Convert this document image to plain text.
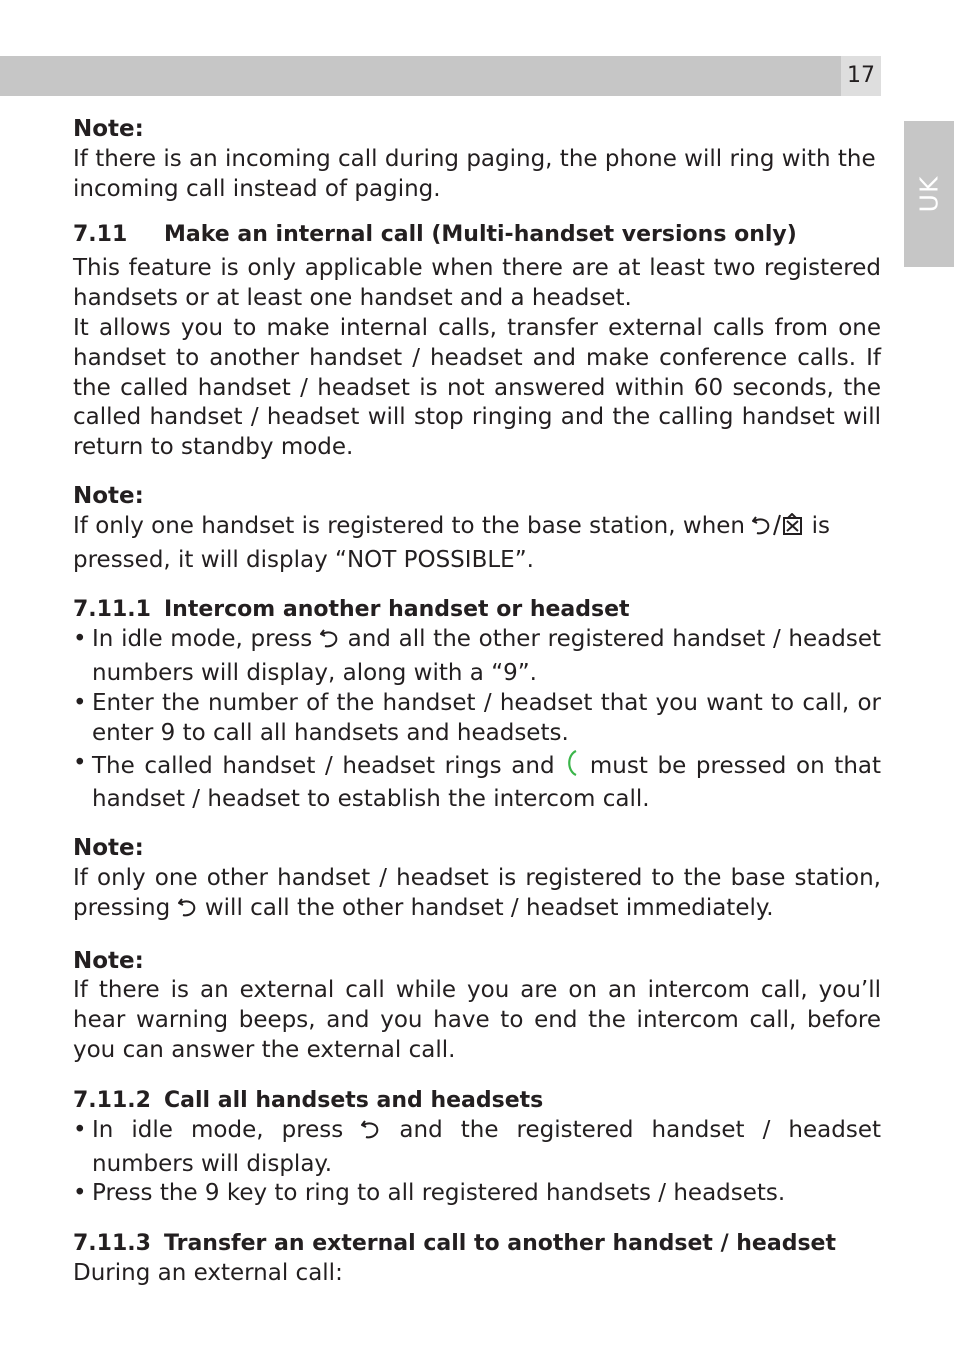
17
UK

Note:

If there is an incoming call during paging, the phone will ring with the incoming call instead of paging.

7.11 Make an internal call (Multi-handset versions only)

This feature is only applicable when there are at least two registered handsets or at least one handset and a headset.

It allows you to make internal calls, transfer external calls from one handset to another handset / headset and make conference calls. If the called handset / headset is not answered within 60 seconds, the called handset / headset will stop ringing and the calling handset will return to standby mode.

Note:

If only one handset is registered to the base station, when  is pressed, it will display “NOT POSSIBLE”.

7.11.1 Intercom another handset or headset
• In idle mode, press  and all the other registered handset / headset numbers will display, along with a “9”.
• Enter the number of the handset / headset that you want to call, or enter 9 to call all handsets and headsets.
• The called handset / headset rings and  must be pressed on that handset / headset to establish the intercom call.

Note:

If only one other handset / headset is registered to the base station, pressing  will call the other handset / headset immediately.

Note:

If there is an external call while you are on an intercom call, you’ll hear warning beeps, and you have to end the intercom call, before you can answer the external call.

7.11.2 Call all handsets and headsets
• In idle mode, press  and the registered handset / headset numbers will display.
• Press the 9 key to ring to all registered handsets / headsets.
7.11.3 Transfer an external call to another handset / headset

During an external call:
